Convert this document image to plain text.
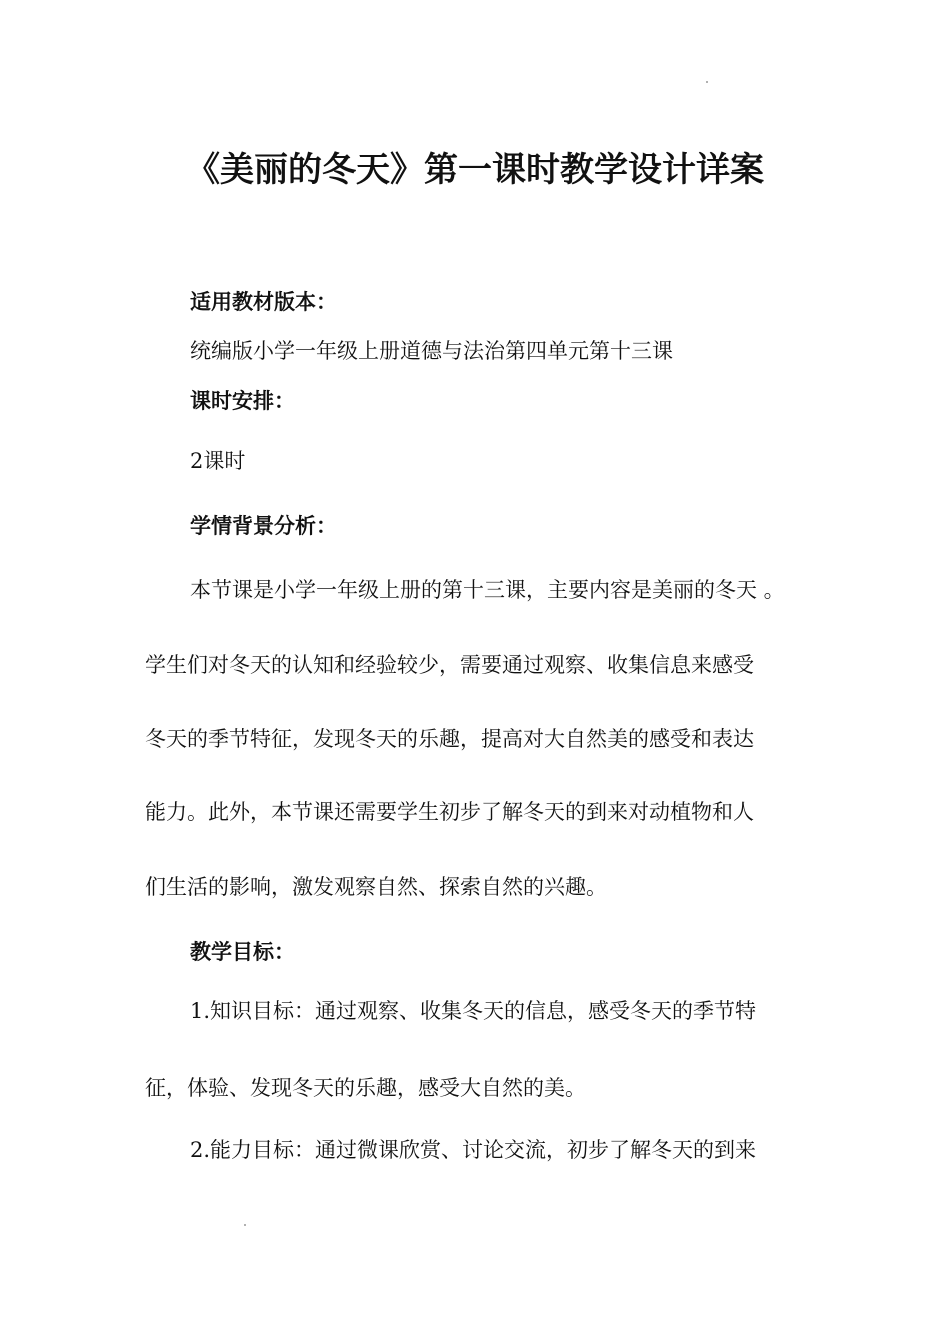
《美丽的冬天》第一课时教学设计详案
适用教材版本：
统编版小学一年级上册道德与法治第四单元第十三课
课时安排：
2课时
学情背景分析：
本节课是小学一年级上册的第十三课，主要内容是美丽的冬天 。
学生们对冬天的认知和经验较少，需要通过观察、收集信息来感受
冬天的季节特征，发现冬天的乐趣，提高对大自然美的感受和表达
能力。此外，本节课还需要学生初步了解冬天的到来对动植物和人
们生活的影响，激发观察自然、探索自然的兴趣。
教学目标：
1.知识目标：通过观察、收集冬天的信息，感受冬天的季节特
征，体验、发现冬天的乐趣，感受大自然的美。
2.能力目标：通过微课欣赏、讨论交流，初步了解冬天的到来
